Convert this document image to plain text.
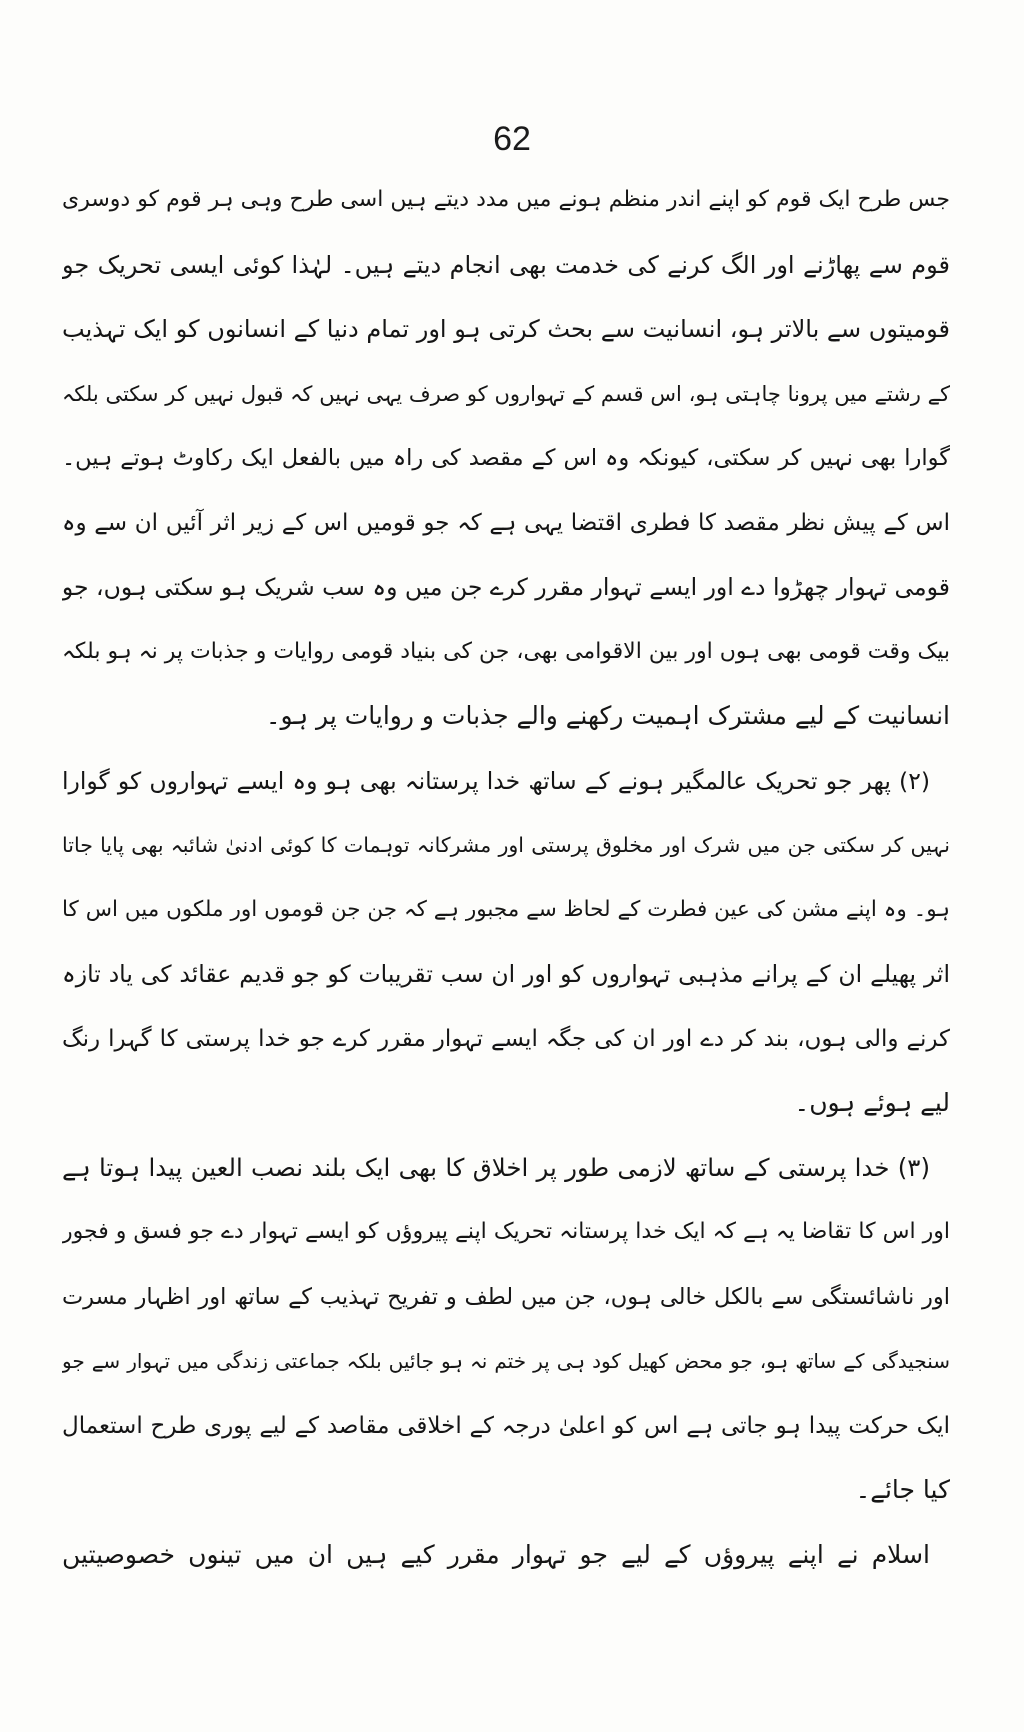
62
جس طرح ایک قوم کو اپنے اندر منظم ہونے میں مدد دیتے ہیں اسی طرح وہی ہر قوم کو دوسری
قوم سے پھاڑنے اور الگ کرنے کی خدمت بھی انجام دیتے ہیں۔ لہٰذا کوئی ایسی تحریک جو
قومیتوں سے بالاتر ہو، انسانیت سے بحث کرتی ہو اور تمام دنیا کے انسانوں کو ایک تہذیب
کے رشتے میں پرونا چاہتی ہو، اس قسم کے تہواروں کو صرف یہی نہیں کہ قبول نہیں کر سکتی بلکہ
گوارا بھی نہیں کر سکتی، کیونکہ وہ اس کے مقصد کی راہ میں بالفعل ایک رکاوٹ ہوتے ہیں۔
اس کے پیش نظر مقصد کا فطری اقتضا یہی ہے کہ جو قومیں اس کے زیر اثر آئیں ان سے وہ
قومی تہوار چھڑوا دے اور ایسے تہوار مقرر کرے جن میں وہ سب شریک ہو سکتی ہوں، جو
بیک وقت قومی بھی ہوں اور بین الاقوامی بھی، جن کی بنیاد قومی روایات و جذبات پر نہ ہو بلکہ
انسانیت کے لیے مشترک اہمیت رکھنے والے جذبات و روایات پر ہو۔
(۲) پھر جو تحریک عالمگیر ہونے کے ساتھ خدا پرستانہ بھی ہو وہ ایسے تہواروں کو گوارا
نہیں کر سکتی جن میں شرک اور مخلوق پرستی اور مشرکانہ توہمات کا کوئی ادنیٰ شائبہ بھی پایا جاتا
ہو۔ وہ اپنے مشن کی عین فطرت کے لحاظ سے مجبور ہے کہ جن جن قوموں اور ملکوں میں اس کا
اثر پھیلے ان کے پرانے مذہبی تہواروں کو اور ان سب تقریبات کو جو قدیم عقائد کی یاد تازہ
کرنے والی ہوں، بند کر دے اور ان کی جگہ ایسے تہوار مقرر کرے جو خدا پرستی کا گہرا رنگ
لیے ہوئے ہوں۔
(۳) خدا پرستی کے ساتھ لازمی طور پر اخلاق کا بھی ایک بلند نصب العین پیدا ہوتا ہے
اور اس کا تقاضا یہ ہے کہ ایک خدا پرستانہ تحریک اپنے پیروؤں کو ایسے تہوار دے جو فسق و فجور
اور ناشائستگی سے بالکل خالی ہوں، جن میں لطف و تفریح تہذیب کے ساتھ اور اظہار مسرت
سنجیدگی کے ساتھ ہو، جو محض کھیل کود ہی پر ختم نہ ہو جائیں بلکہ جماعتی زندگی میں تہوار سے جو
ایک حرکت پیدا ہو جاتی ہے اس کو اعلیٰ درجہ کے اخلاقی مقاصد کے لیے پوری طرح استعمال
کیا جائے۔
اسلام نے اپنے پیروؤں کے لیے جو تہوار مقرر کیے ہیں ان میں تینوں خصوصیتیں
